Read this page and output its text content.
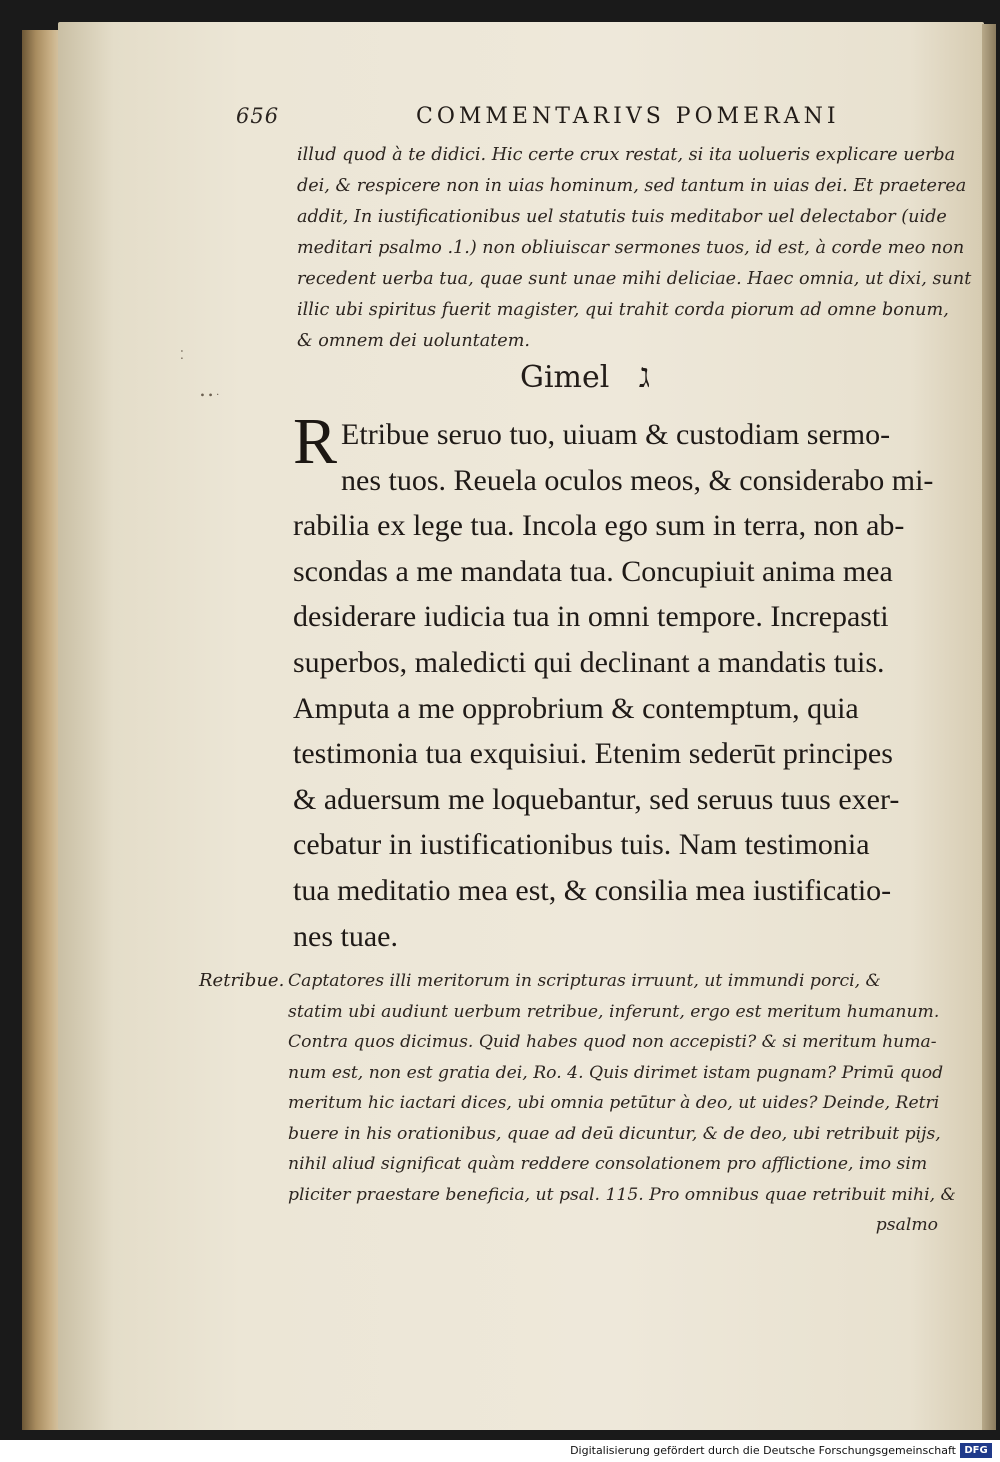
656	COMMENTARIVS POMERANI
illud quod à te didici. Hic certe crux restat, si ita uolueris explicare uerba
dei, & respicere non in uias hominum, sed tantum in uias dei. Et praeterea
addit, In iustificationibus uel statutis tuis meditabor uel delectabor (uide
meditari psalmo .1.) non obliuiscar sermones tuos, id est, à corde meo non
recedent uerba tua, quae sunt unae mihi deliciae. Haec omnia, ut dixi, sunt
illic ubi spiritus fuerit magister, qui trahit corda piorum ad omne bonum,
& omnem dei uoluntatem.
⁚
∙ ∙ ·
Gimel ג
R Etribue seruo tuo, uiuam & custodiam sermo-
nes tuos. Reuela oculos meos, & considerabo mi-
rabilia ex lege tua. Incola ego sum in terra, non ab-
scondas a me mandata tua. Concupiuit anima mea
desiderare iudicia tua in omni tempore. Increpasti
superbos, maledicti qui declinant a mandatis tuis.
Amputa a me opprobrium & contemptum, quia
testimonia tua exquisiui. Etenim sederūt principes
& aduersum me loquebantur, sed seruus tuus exer-
cebatur in iustificationibus tuis. Nam testimonia
tua meditatio mea est, & consilia mea iustificatio-
nes tuae.
Retribue. Captatores illi meritorum in scripturas irruunt, ut immundi porci, &
statim ubi audiunt uerbum retribue, inferunt, ergo est meritum humanum.
Contra quos dicimus. Quid habes quod non accepisti? & si meritum huma-
num est, non est gratia dei, Ro. 4. Quis dirimet istam pugnam? Primū quod
meritum hic iactari dices, ubi omnia petūtur à deo, ut uides? Deinde, Retri
buere in his orationibus, quae ad deū dicuntur, & de deo, ubi retribuit pijs,
nihil aliud significat quàm reddere consolationem pro afflictione, imo sim
pliciter praestare beneficia, ut psal. 115. Pro omnibus quae retribuit mihi, &
psalmo
Digitalisierung gefördert durch die Deutsche Forschungsgemeinschaft DFG
